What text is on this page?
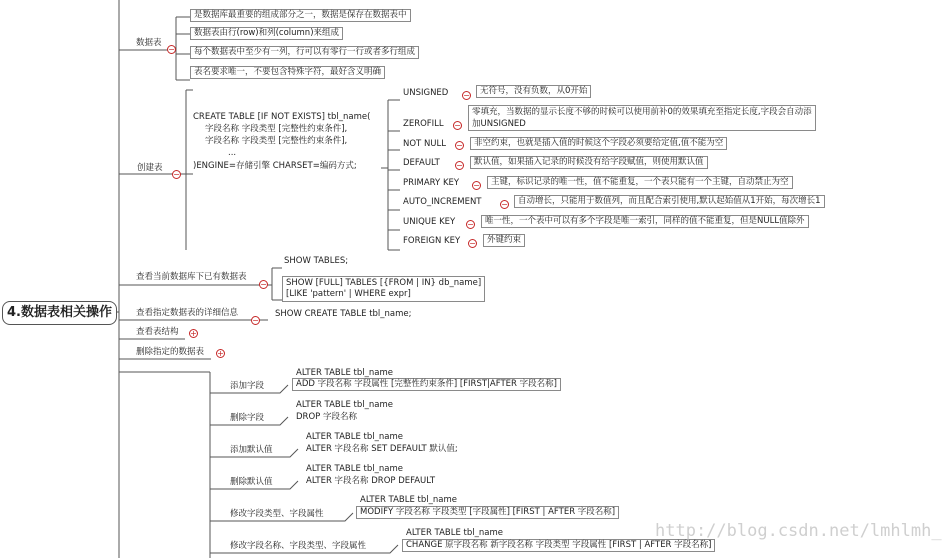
4.数据表相关操作
数据表
−
是数据库最重要的组成部分之一，数据是保存在数据表中
数据表由行(row)和列(column)来组成
每个数据表中至少有一列，行可以有零行一行或者多行组成
表名要求唯一，不要包含特殊字符，最好含义明确
创建表
−
CREATE TABLE [IF NOT EXISTS] tbl_name(
字段名称 字段类型 [完整性约束条件],
字段名称 字段类型 [完整性约束条件],
...
)ENGINE=存储引擎 CHARSET=编码方式;
UNSIGNED −	无符号，没有负数，从0开始
ZEROFILL −
零填充，当数据的显示长度不够的时候可以使用前补0的效果填充至指定长度,字段会自动添加UNSIGNED
NOT NULL −	非空约束，也就是插入值的时候这个字段必须要给定值,值不能为空
DEFAULT −	默认值，如果插入记录的时候没有给字段赋值，则使用默认值
PRIMARY KEY −	主键，标识记录的唯一性，值不能重复，一个表只能有一个主键，自动禁止为空
AUTO_INCREMENT −	自动增长，只能用于数值列，而且配合索引使用,默认起始值从1开始，每次增长1
UNIQUE KEY −	唯一性，一个表中可以有多个字段是唯一索引，同样的值不能重复，但是NULL值除外
FOREIGN KEY −	外键约束
查看当前数据库下已有数据表
−
SHOW TABLES;
SHOW [FULL] TABLES [{FROM | IN} db_name]
[LIKE 'pattern' | WHERE expr]
查看指定数据表的详细信息
−
SHOW CREATE TABLE tbl_name;
查看表结构 +
删除指定的数据表 +
添加字段
ALTER TABLE tbl_name
ADD 字段名称 字段属性 [完整性约束条件] [FIRST|AFTER 字段名称]
删除字段
ALTER TABLE tbl_name
DROP 字段名称
添加默认值
ALTER TABLE tbl_name
ALTER 字段名称 SET DEFAULT 默认值;
删除默认值
ALTER TABLE tbl_name
ALTER 字段名称 DROP DEFAULT
修改字段类型、字段属性
ALTER TABLE tbl_name
MODIFY 字段名称 字段类型 [字段属性] [FIRST | AFTER 字段名称]
修改字段名称、字段类型、字段属性
ALTER TABLE tbl_name
CHANGE 原字段名称 新字段名称 字段类型 字段属性 [FIRST | AFTER 字段名称]
http://blog.csdn.net/lmhlmh_
